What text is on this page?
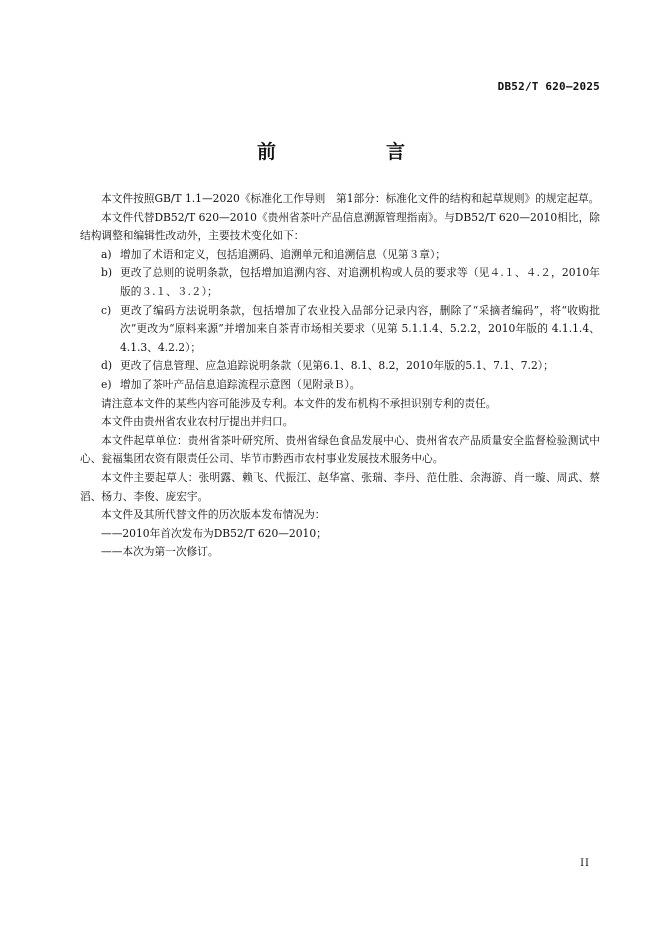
DB52/T 620—2025
前　　言

本文件按照GB/T 1.1—2020《标准化工作导则　第1部分：标准化文件的结构和起草规则》的规定起草。

本文件代替DB52/T 620—2010《贵州省茶叶产品信息溯源管理指南》。与DB52/T 620—2010相比，除结构调整和编辑性改动外，主要技术变化如下：

a) 增加了术语和定义，包括追溯码、追溯单元和追溯信息（见第３章）；
b) 更改了总则的说明条款，包括增加追溯内容、对追溯机构或人员的要求等（见４.１、４.２，2010年版的３.１、３.２）；
c) 更改了编码方法说明条款，包括增加了农业投入品部分记录内容，删除了“采摘者编码”，将“收购批次”更改为“原料来源”并增加来自茶青市场相关要求（见第 5.1.1.4、5.2.2，2010年版的 4.1.1.4、4.1.3、4.2.2）；
d) 更改了信息管理、应急追踪说明条款（见第6.1、8.1、8.2，2010年版的5.1、7.1、7.2）；
e) 增加了茶叶产品信息追踪流程示意图（见附录Ｂ）。

请注意本文件的某些内容可能涉及专利。本文件的发布机构不承担识别专利的责任。

本文件由贵州省农业农村厅提出并归口。

本文件起草单位：贵州省茶叶研究所、贵州省绿色食品发展中心、贵州省农产品质量安全监督检验测试中心、瓮福集团农资有限责任公司、毕节市黔西市农村事业发展技术服务中心。

本文件主要起草人：张明露、赖飞、代振江、赵华富、张瑞、李丹、范仕胜、余海游、肖一璇、周武、蔡滔、杨力、李俊、庞宏宇。

本文件及其所代替文件的历次版本发布情况为：

——2010年首次发布为DB52/T 620—2010；

——本次为第一次修订。

II
